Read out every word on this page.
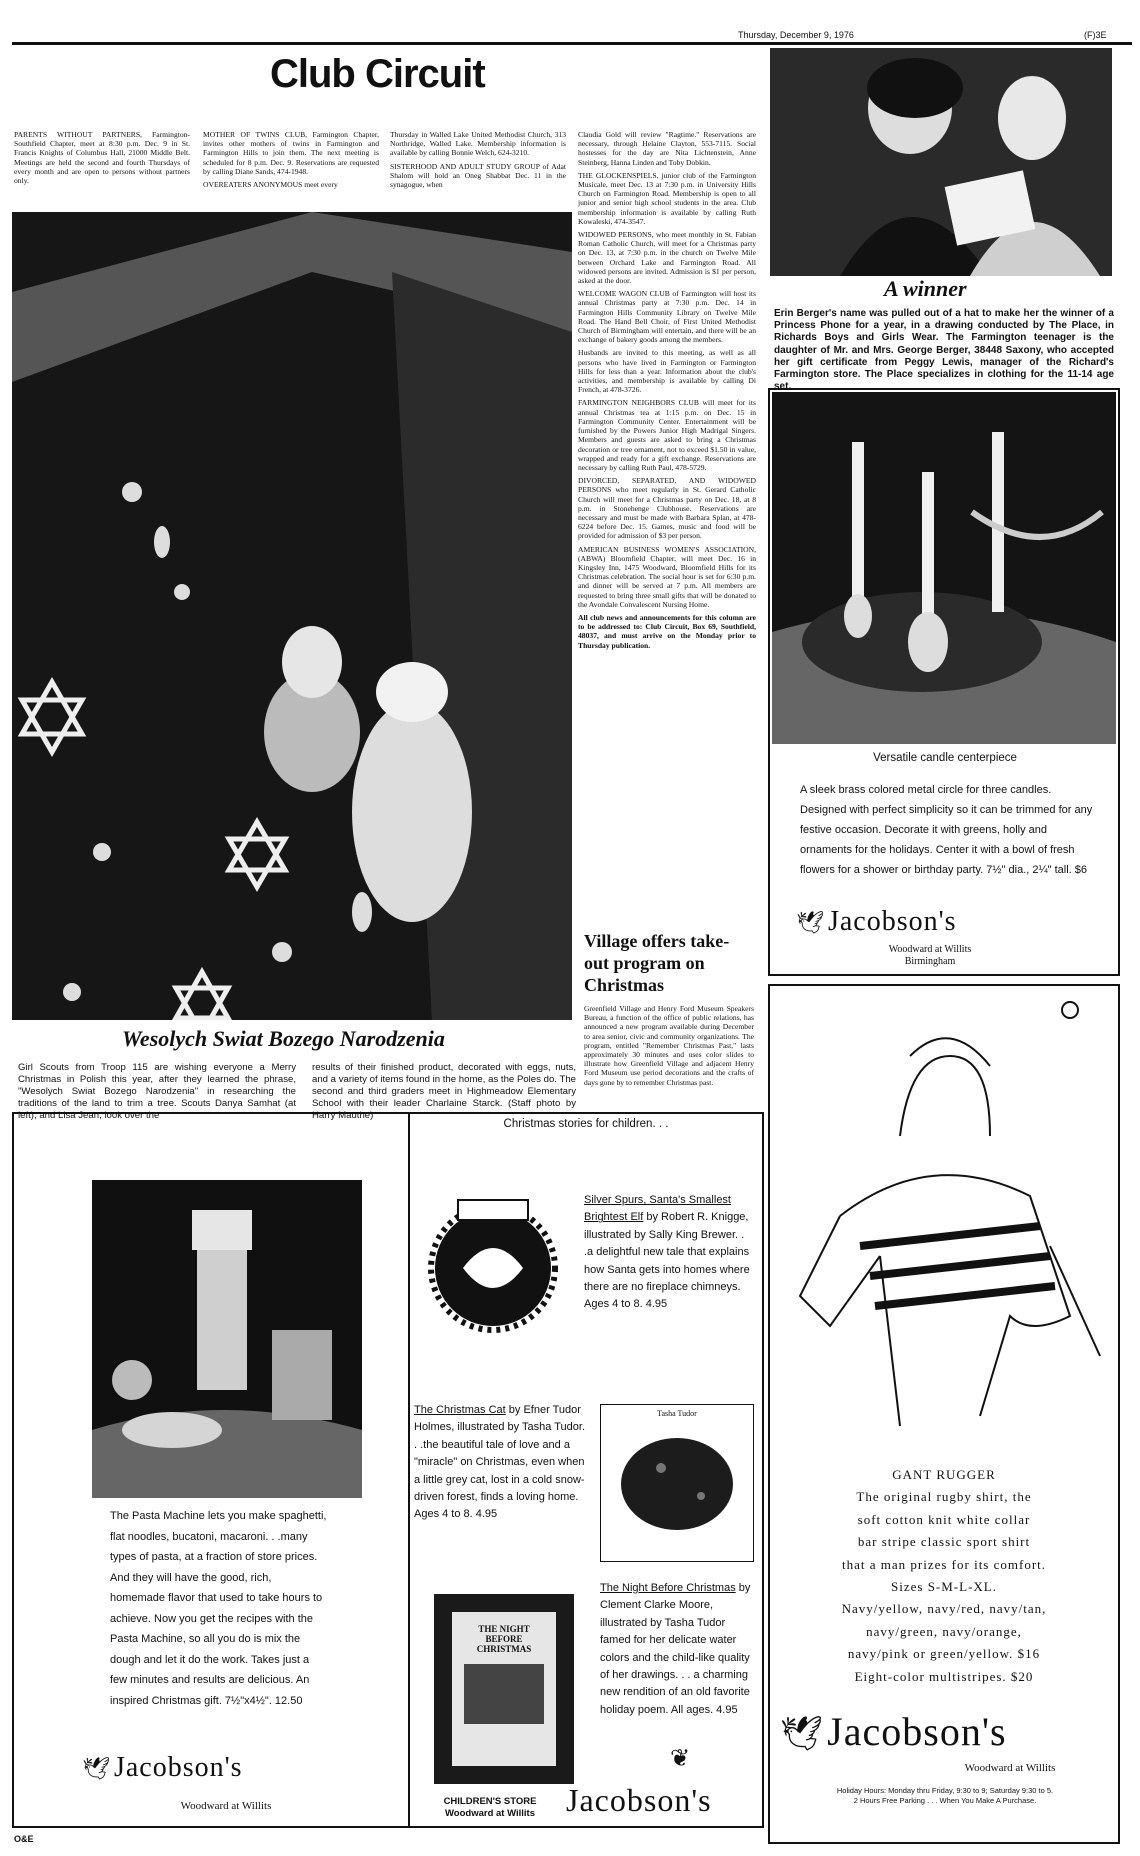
Thursday, December 9, 1976	(F)3E
Club Circuit
PARENTS WITHOUT PARTNERS, Farmington-Southfield Chapter, meet at 8:30 p.m. Dec. 9 in St. Francis Knights of Columbus Hall, 21000 Middle Belt. Meetings are held the second and fourth Thursdays of every month and are open to persons without partners only.

MOTHER OF TWINS CLUB, Farmington Chapter, invites other mothers of twins in Farmington and Farmington Hills to join them. The next meeting is scheduled for 8 p.m. Dec. 9. Reservations are requested by calling Diane Sands, 474-1948.

OVEREATERS ANONYMOUS meet every

Thursday in Walled Lake United Methodist Church, 313 Northridge, Walled Lake. Membership information is available by calling Bonnie Welch, 624-3210.

SISTERHOOD AND ADULT STUDY GROUP of Adat Shalom will hold an Oneg Shabbat Dec. 11 in the synagogue, when

Wesolych Swiat Bozego Narodzenia
Girl Scouts from Troop 115 are wishing everyone a Merry Christmas in Polish this year, after they learned the phrase, "Wesolych Swiat Bozego Narodzenia" in researching the traditions of the land to trim a tree. Scouts Danya Samhat (at left), and Lisa Jean, look over the
results of their finished product, decorated with eggs, nuts, and a variety of items found in the home, as the Poles do. The second and third graders meet in Highmeadow Elementary School with their leader Charlaine Starck. (Staff photo by Harry Mauthe)

Claudia Gold will review "Ragtime." Reservations are necessary, through Helaine Clayton, 553-7115. Social hostesses for the day are Nita Lichtenstein, Anne Steinberg, Hanna Linden and Toby Dobkin.

THE GLOCKENSPIELS, junior club of the Farmington Musicale, meet Dec. 13 at 7:30 p.m. in University Hills Church on Farmington Road. Membership is open to all junior and senior high school students in the area. Club membership information is available by calling Ruth Kowaleski, 474-3547.

WIDOWED PERSONS, who meet monthly in St. Fabian Roman Catholic Church, will meet for a Christmas party on Dec. 13, at 7:30 p.m. in the church on Twelve Mile between Orchard Lake and Farmington Road. All widowed persons are invited. Admission is $1 per person, asked at the door.

WELCOME WAGON CLUB of Farmington will host its annual Christmas party at 7:30 p.m. Dec. 14 in Farmington Hills Community Library on Twelve Mile Road. The Hand Bell Choir, of First United Methodist Church of Birmingham will entertain, and there will be an exchange of bakery goods among the members.

Husbands are invited to this meeting, as well as all persons who have lived in Farmington or Farmington Hills for less than a year. Information about the club's activities, and membership is available by calling Di French, at 478-3726.

FARMINGTON NEIGHBORS CLUB will meet for its annual Christmas tea at 1:15 p.m. on Dec. 15 in Farmington Community Center. Entertainment will be furnished by the Powers Junior High Madrigal Singers. Members and guests are asked to bring a Christmas decoration or tree ornament, not to exceed $1.50 in value, wrapped and ready for a gift exchange. Reservations are necessary by calling Ruth Paul, 478-5729.

DIVORCED, SEPARATED, AND WIDOWED PERSONS who meet regularly in St. Gerard Catholic Church will meet for a Christmas party on Dec. 18, at 8 p.m. in Stonehenge Clubhouse. Reservations are necessary and must be made with Barbara Splan, at 478-6224 before Dec. 15. Games, music and food will be provided for admission of $3 per person.

AMERICAN BUSINESS WOMEN'S ASSOCIATION, (ABWA) Bloomfield Chapter, will meet Dec. 16 in Kingsley Inn, 1475 Woodward, Bloomfield Hills for its Christmas celebration. The social hour is set for 6:30 p.m. and dinner will be served at 7 p.m. All members are requested to bring three small gifts that will be donated to the Avondale Convalescent Nursing Home.

All club news and announcements for this column are to be addressed to: Club Circuit, Box 69, Southfield, 48037, and must arrive on the Monday prior to Thursday publication.

Village offers take-out program on Christmas
Greenfield Village and Henry Ford Museum Speakers Bureau, a function of the office of public relations, has announced a new program available during December to area senior, civic and community organizations. The program, entitled "Remember Christmas Past," lasts approximately 30 minutes and uses color slides to illustrate how Greenfield Village and adjacent Henry Ford Museum use period decorations and the crafts of days gone by to remember Christmas past.
A winner
Erin Berger's name was pulled out of a hat to make her the winner of a Princess Phone for a year, in a drawing conducted by The Place, in Richards Boys and Girls Wear. The Farmington teenager is the daughter of Mr. and Mrs. George Berger, 38448 Saxony, who accepted her gift certificate from Peggy Lewis, manager of the Richard's Farmington store. The Place specializes in clothing for the 11-14 age set.
Versatile candle centerpiece
A sleek brass colored metal circle for three candles. Designed with perfect simplicity so it can be trimmed for any festive occasion. Decorate it with greens, holly and ornaments for the holidays. Center it with a bowl of fresh flowers for a shower or birthday party. 7½" dia., 2¼" tall. $6
🕊 Jacobson's
Woodward at Willits
Birmingham
GANT RUGGER
The original rugby shirt, the
soft cotton knit white collar
bar stripe classic sport shirt
that a man prizes for its comfort.
Sizes S-M-L-XL.
Navy/yellow, navy/red, navy/tan,
navy/green, navy/orange,
navy/pink or green/yellow. $16
Eight-color multistripes. $20
🕊 Jacobson's
Woodward at Willits
Holiday Hours: Monday thru Friday, 9:30 to 9; Saturday 9:30 to 5.
2 Hours Free Parking . . . When You Make A Purchase.
The Pasta Machine lets you make spaghetti, flat noodles, bucatoni, macaroni. . .many types of pasta, at a fraction of store prices. And they will have the good, rich, homemade flavor that used to take hours to achieve. Now you get the recipes with the Pasta Machine, so all you do is mix the dough and let it do the work. Takes just a few minutes and results are delicious. An inspired Christmas gift. 7½"x4½". 12.50
🕊 Jacobson's
Woodward at Willits
Christmas stories for children. . .
Silver Spurs, Santa's Smallest Brightest Elf by Robert R. Knigge, illustrated by Sally King Brewer. . .a delightful new tale that explains how Santa gets into homes where there are no fireplace chimneys. Ages 4 to 8. 4.95
The Christmas Cat by Efner Tudor Holmes, illustrated by Tasha Tudor. . .the beautiful tale of love and a "miracle" on Christmas, even when a little grey cat, lost in a cold snow-driven forest, finds a loving home. Ages 4 to 8. 4.95
Tasha Tudor
THE NIGHT BEFORE CHRISTMAS
The Night Before Christmas by Clement Clarke Moore, illustrated by Tasha Tudor famed for her delicate water colors and the child-like quality of her drawings. . . a charming new rendition of an old favorite holiday poem. All ages. 4.95
❦
CHILDREN'S STORE
Woodward at Willits Jacobson's
O&E
